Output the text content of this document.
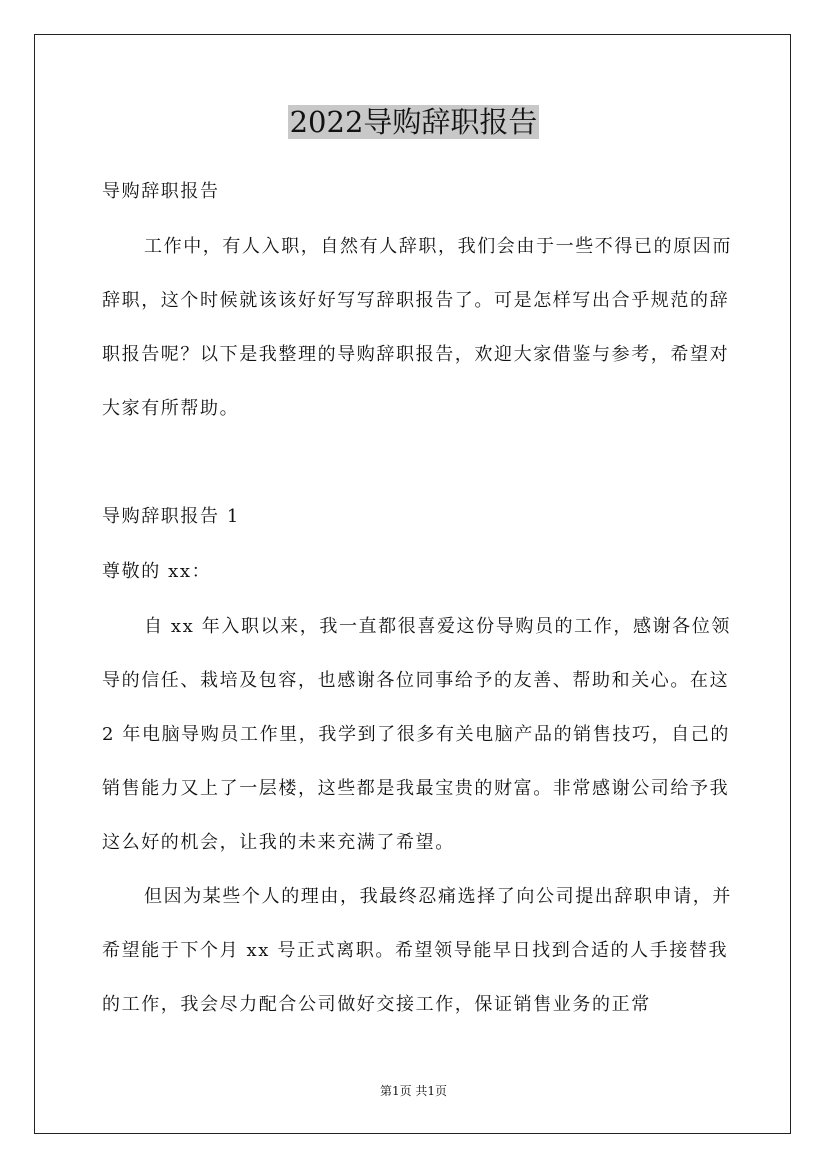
2022导购辞职报告

导购辞职报告

工作中，有人入职，自然有人辞职，我们会由于一些不得已的原因而辞职，这个时候就该该好好写写辞职报告了。可是怎样写出合乎规范的辞职报告呢？以下是我整理的导购辞职报告，欢迎大家借鉴与参考，希望对大家有所帮助。

导购辞职报告 1

尊敬的 xx：

自 xx 年入职以来，我一直都很喜爱这份导购员的工作，感谢各位领导的信任、栽培及包容，也感谢各位同事给予的友善、帮助和关心。在这 2 年电脑导购员工作里，我学到了很多有关电脑产品的销售技巧，自己的销售能力又上了一层楼，这些都是我最宝贵的财富。非常感谢公司给予我这么好的机会，让我的未来充满了希望。

但因为某些个人的理由，我最终忍痛选择了向公司提出辞职申请，并希望能于下个月 xx 号正式离职。希望领导能早日找到合适的人手接替我的工作，我会尽力配合公司做好交接工作，保证销售业务的正常

第1页 共1页
